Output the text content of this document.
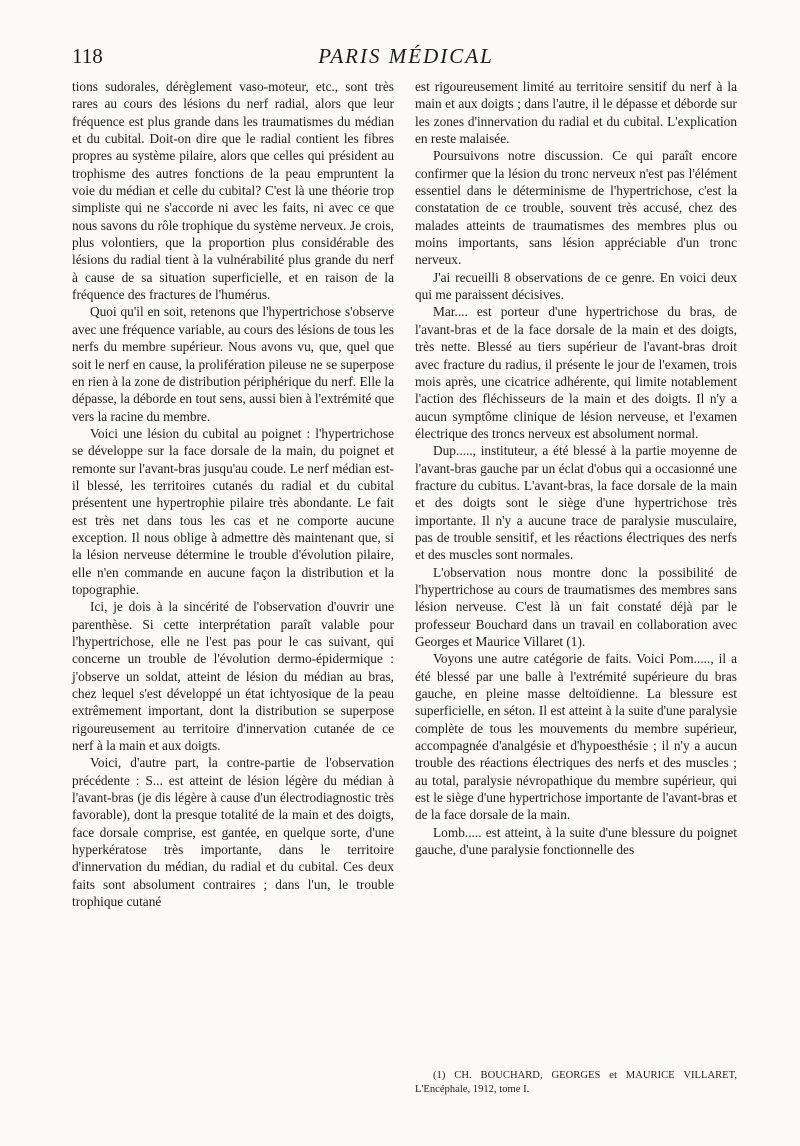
118	PARIS MÉDICAL

tions sudorales, dérèglement vaso-moteur, etc., sont très rares au cours des lésions du nerf radial, alors que leur fréquence est plus grande dans les traumatismes du médian et du cubital. Doit-on dire que le radial contient les fibres propres au système pilaire, alors que celles qui président au trophisme des autres fonctions de la peau empruntent la voie du médian et celle du cubital? C'est là une théorie trop simpliste qui ne s'accorde ni avec les faits, ni avec ce que nous savons du rôle trophique du système nerveux. Je crois, plus volontiers, que la proportion plus considérable des lésions du radial tient à la vulnérabilité plus grande du nerf à cause de sa situation superficielle, et en raison de la fréquence des fractures de l'humérus.

Quoi qu'il en soit, retenons que l'hypertrichose s'observe avec une fréquence variable, au cours des lésions de tous les nerfs du membre supérieur. Nous avons vu, que, quel que soit le nerf en cause, la prolifération pileuse ne se superpose en rien à la zone de distribution périphérique du nerf. Elle la dépasse, la déborde en tout sens, aussi bien à l'extrémité que vers la racine du membre.

Voici une lésion du cubital au poignet : l'hypertrichose se développe sur la face dorsale de la main, du poignet et remonte sur l'avant-bras jusqu'au coude. Le nerf médian est-il blessé, les territoires cutanés du radial et du cubital présentent une hypertrophie pilaire très abondante. Le fait est très net dans tous les cas et ne comporte aucune exception. Il nous oblige à admettre dès maintenant que, si la lésion nerveuse détermine le trouble d'évolution pilaire, elle n'en commande en aucune façon la distribution et la topographie.

Ici, je dois à la sincérité de l'observation d'ouvrir une parenthèse. Si cette interprétation paraît valable pour l'hypertrichose, elle ne l'est pas pour le cas suivant, qui concerne un trouble de l'évolution dermo-épidermique : j'observe un soldat, atteint de lésion du médian au bras, chez lequel s'est développé un état ichtyosique de la peau extrêmement important, dont la distribution se superpose rigoureusement au territoire d'innervation cutanée de ce nerf à la main et aux doigts.

Voici, d'autre part, la contre-partie de l'observation précédente : S... est atteint de lésion légère du médian à l'avant-bras (je dis légère à cause d'un électrodiagnostic très favorable), dont la presque totalité de la main et des doigts, face dorsale comprise, est gantée, en quelque sorte, d'une hyperkératose très importante, dans le territoire d'innervation du médian, du radial et du cubital. Ces deux faits sont absolument contraires ; dans l'un, le trouble trophique cutané

est rigoureusement limité au territoire sensitif du nerf à la main et aux doigts ; dans l'autre, il le dépasse et déborde sur les zones d'innervation du radial et du cubital. L'explication en reste malaisée.

Poursuivons notre discussion. Ce qui paraît encore confirmer que la lésion du tronc nerveux n'est pas l'élément essentiel dans le déterminisme de l'hypertrichose, c'est la constatation de ce trouble, souvent très accusé, chez des malades atteints de traumatismes des membres plus ou moins importants, sans lésion appréciable d'un tronc nerveux.

J'ai recueilli 8 observations de ce genre. En voici deux qui me paraissent décisives.

Mar.... est porteur d'une hypertrichose du bras, de l'avant-bras et de la face dorsale de la main et des doigts, très nette. Blessé au tiers supérieur de l'avant-bras droit avec fracture du radius, il présente le jour de l'examen, trois mois après, une cicatrice adhérente, qui limite notablement l'action des fléchisseurs de la main et des doigts. Il n'y a aucun symptôme clinique de lésion nerveuse, et l'examen électrique des troncs nerveux est absolument normal.

Dup....., instituteur, a été blessé à la partie moyenne de l'avant-bras gauche par un éclat d'obus qui a occasionné une fracture du cubitus. L'avant-bras, la face dorsale de la main et des doigts sont le siège d'une hypertrichose très importante. Il n'y a aucune trace de paralysie musculaire, pas de trouble sensitif, et les réactions électriques des nerfs et des muscles sont normales.

L'observation nous montre donc la possibilité de l'hypertrichose au cours de traumatismes des membres sans lésion nerveuse. C'est là un fait constaté déjà par le professeur Bouchard dans un travail en collaboration avec Georges et Maurice Villaret (1).

Voyons une autre catégorie de faits. Voici Pom....., il a été blessé par une balle à l'extrémité supérieure du bras gauche, en pleine masse deltoïdienne. La blessure est superficielle, en séton. Il est atteint à la suite d'une paralysie complète de tous les mouvements du membre supérieur, accompagnée d'analgésie et d'hypoesthésie ; il n'y a aucun trouble des réactions électriques des nerfs et des muscles ; au total, paralysie névropathique du membre supérieur, qui est le siège d'une hypertrichose importante de l'avant-bras et de la face dorsale de la main.

Lomb..... est atteint, à la suite d'une blessure du poignet gauche, d'une paralysie fonctionnelle des

(1) CH. BOUCHARD, GEORGES et MAURICE VILLARET, L'Encéphale, 1912, tome I.
